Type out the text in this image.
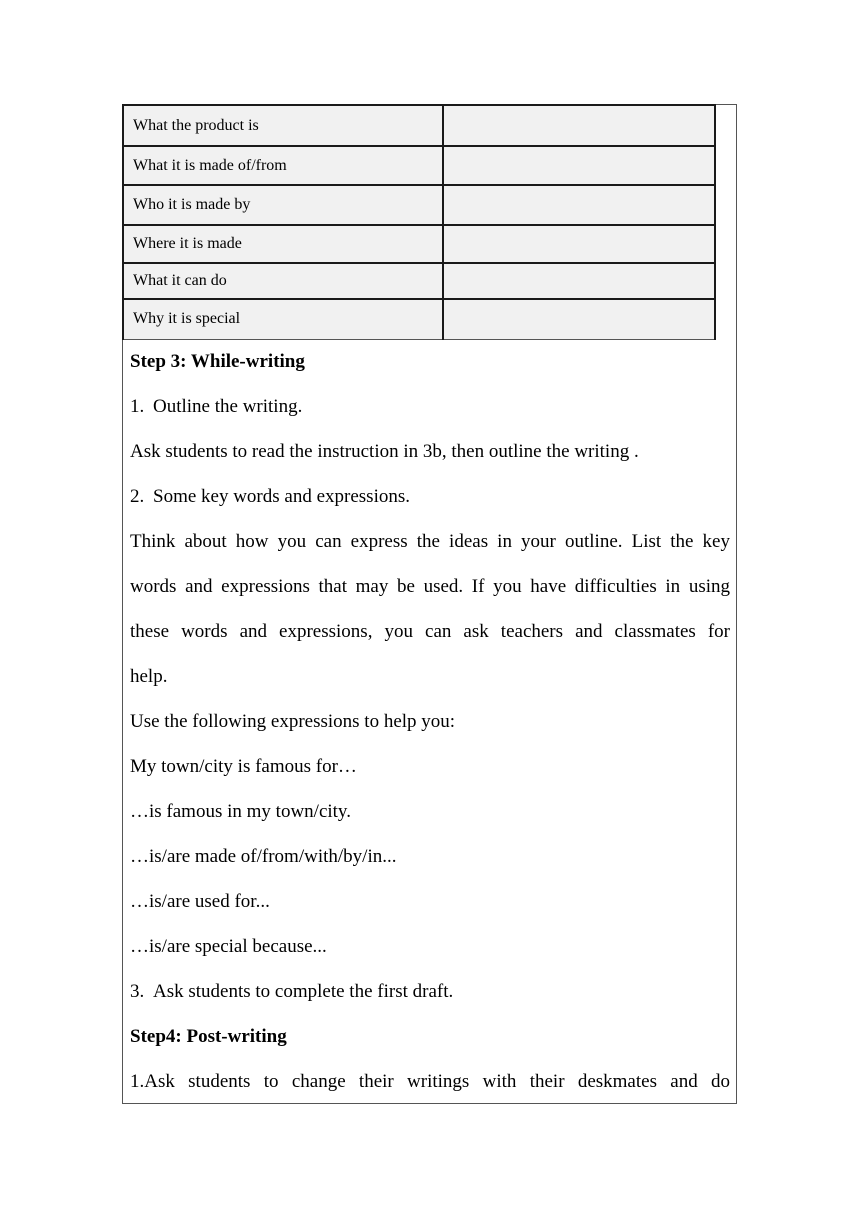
What the product is	
What it is made of/from	
Who it is made by	
Where it is made	
What it can do	
Why it is special	
Step 3: While-writing
1. Outline the writing.
Ask students to read the instruction in 3b, then outline the writing .
2. Some key words and expressions.
Think about how you can express the ideas in your outline. List the key
words and expressions that may be used. If you have difficulties in using
these words and expressions, you can ask teachers and classmates for
help.
Use the following expressions to help you:
My town/city is famous for…
…is famous in my town/city.
…is/are made of/from/with/by/in...
…is/are used for...
…is/are special because...
3. Ask students to complete the first draft.
Step4: Post-writing
1.Ask students to change their writings with their deskmates and do
